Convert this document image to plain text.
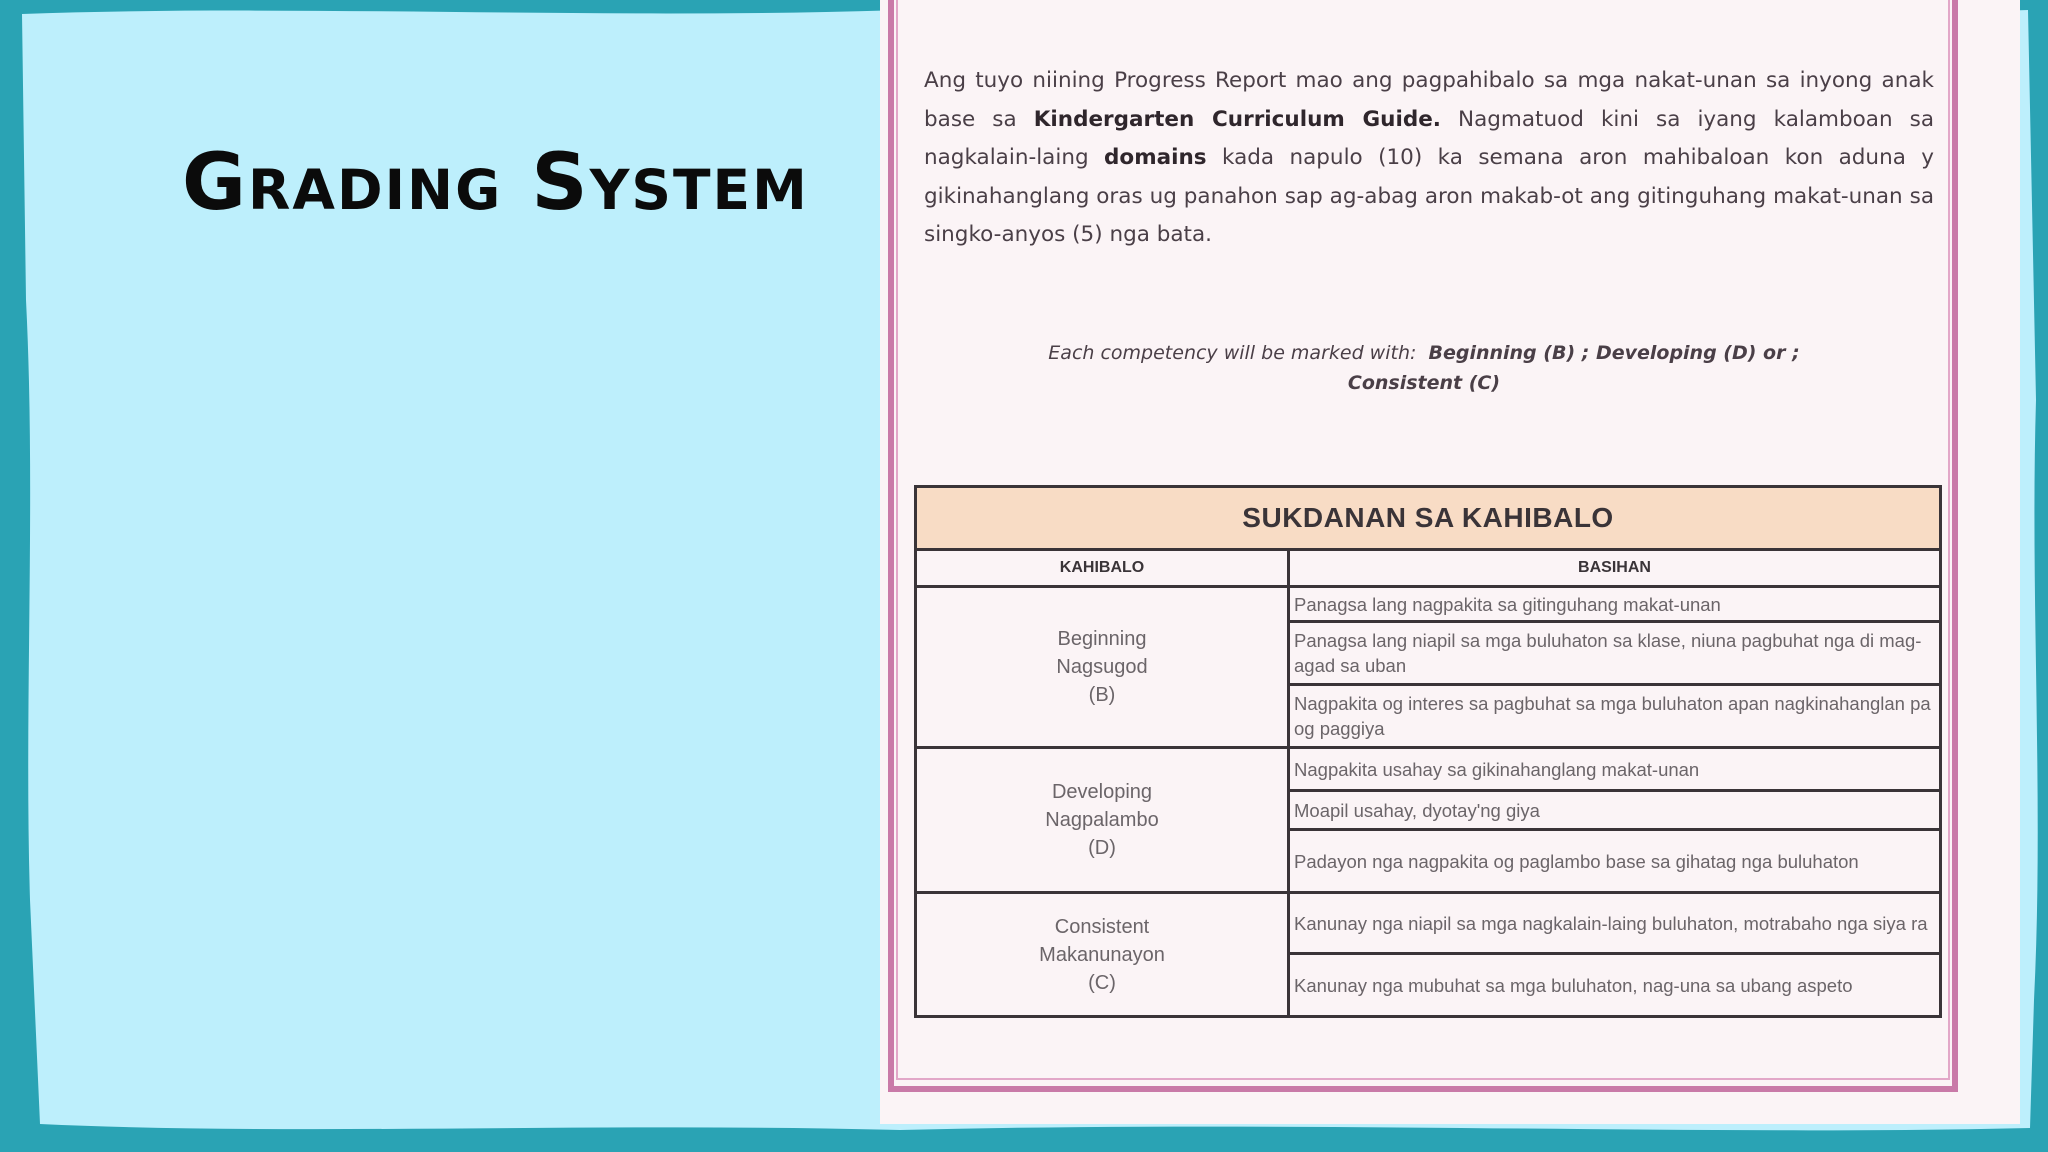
Grading System
Ang tuyo niining Progress Report mao ang pagpahibalo sa mga nakat-unan sa inyong anak base sa Kindergarten Curriculum Guide. Nagmatuod kini sa iyang kalamboan sa nagkalain-laing domains kada napulo (10) ka semana aron mahibaloan kon aduna y gikinahanglang oras ug panahon sap ag-abag aron makab-ot ang gitinguhang makat-unan sa singko-anyos (5) nga bata.
Each competency will be marked with: Beginning (B) ; Developing (D) or ;
Consistent (C)
SUKDANAN SA KAHIBALO	
KAHIBALO	BASIHAN
Beginning
Nagsugod
(B)	Panagsa lang nagpakita sa gitinguhang makat-unan
	Panagsa lang niapil sa mga buluhaton sa klase, niuna pagbuhat nga di mag-agad sa uban
	Nagpakita og interes sa pagbuhat sa mga buluhaton apan nagkinahanglan pa og paggiya
Developing
Nagpalambo
(D)	Nagpakita usahay sa gikinahanglang makat-unan
	Moapil usahay, dyotay'ng giya
	Padayon nga nagpakita og paglambo base sa gihatag nga buluhaton
Consistent
Makanunayon
(C)	Kanunay nga niapil sa mga nagkalain-laing buluhaton, motrabaho nga siya ra
	Kanunay nga mubuhat sa mga buluhaton, nag-una sa ubang aspeto
